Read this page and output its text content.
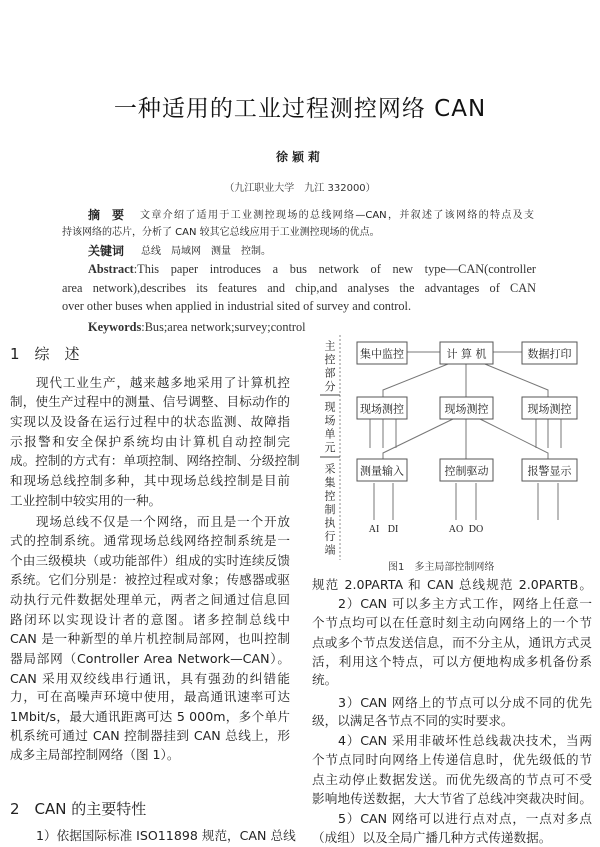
一种适用的工业过程测控网络 CAN
徐颖莉
（九江职业大学　九江 332000）
摘　要 文章介绍了适用于工业测控现场的总线网络—CAN，并叙述了该网络的特点及支
持该网络的芯片，分析了 CAN 较其它总线应用于工业测控现场的优点。
关键词 总线　局域网　测量　控制。
Abstract:This paper introduces a bus network of new type—CAN(controller
area network),describes its features and chip,and analyses the advantages of CAN
over other buses when applied in industrial sited of survey and control.
Keywords:Bus;area network;survey;control
1　综　述
现代工业生产，越来越多地采用了计算机控
制，使生产过程中的测量、信号调整、目标动作的
实现以及设备在运行过程中的状态监测、故障指
示报警和安全保护系统均由计算机自动控制完
成。控制的方式有：单项控制、网络控制、分级控制
和现场总线控制多种，其中现场总线控制是目前
工业控制中较实用的一种。
现场总线不仅是一个网络，而且是一个开放
式的控制系统。通常现场总线网络控制系统是一
个由三级模块（或功能部件）组成的实时连续反馈
系统。它们分别是：被控过程或对象；传感器或驱
动执行元件数据处理单元，两者之间通过信息回
路闭环以实现设计者的意图。诸多控制总线中
CAN 是一种新型的单片机控制局部网，也叫控制
器局部网（Controller Area Network—CAN）。
CAN 采用双绞线串行通讯，具有强劲的纠错能
力，可在高噪声环境中使用，最高通讯速率可达
1Mbit/s，最大通讯距离可达 5 000m，多个单片
机系统可通过 CAN 控制器挂到 CAN 总线上，形
成多主局部控制网络（图 1）。
1）依据国际标准 ISO11898 规范，CAN 总线
规范 2.0PARTA 和 CAN 总线规范 2.0PARTB。
2）CAN 可以多主方式工作，网络上任意一
个节点均可以在任意时刻主动向网络上的一个节
点或多个节点发送信息，而不分主从，通讯方式灵
活，利用这个特点，可以方便地构成多机备份系
统。
3）CAN 网络上的节点可以分成不同的优先
级，以满足各节点不同的实时要求。
4）CAN 采用非破坏性总线裁决技术，当两
个节点同时向网络上传递信息时，优先级低的节
点主动停止数据发送。而优先级高的节点可不受
影响地传送数据，大大节省了总线冲突裁决时间。
5）CAN 网络可以进行点对点，一点对多点
（成组）以及全局广播几种方式传递数据。
2　CAN 的主要特性
集中监控	计 算 机	数据打印
现场测控	现场测控	现场测控
测量输入	控制驱动	报警显示
AI DI	AO DO
主控部分
现场单元
采集控制执行端
图1　多主局部控制网络
